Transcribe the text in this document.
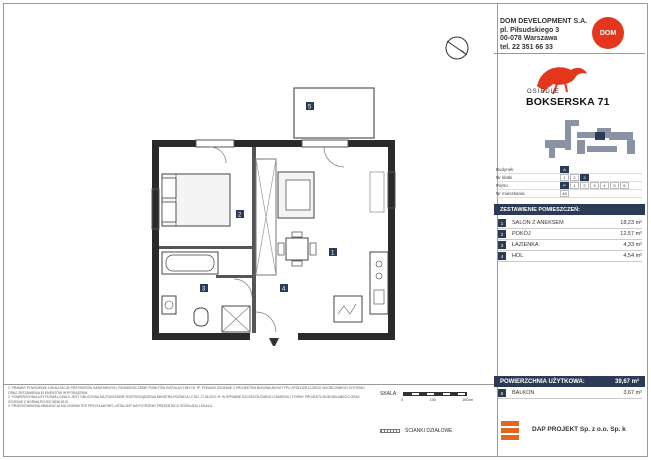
DOM DEVELOPMENT S.A.
pl. Piłsudskiego 3
00-078 Warszawa
tel. 22 351 66 33
DOM
OSIEDLE
BOKSERSKA 71
Budynek	A
Nr klatki	1	2	3
Piętro	P	1	2	3	4	5	6
Nr mieszkania	45
ZESTAWIENIE POMIESZCZEŃ:
1	SALON Z ANEKSEM	18,23 m²
2	POKÓJ	12,57 m²
3	ŁAZIENKA	4,33 m²
4	HOL	4,54 m²
POWIERZCHNIA UŻYTKOWA:	39,67 m²
5	BALKON	3,67 m²
1
2
3	4
5
1. PRAWNY POWSZEDNI LOKALIZACJĘ PRZYBORÓW SANITARNYCH, ROZMIESZCZENIE PUNKTÓW INSTALACYJNYCH TP. PODANO ZGODNIE Z PROJEKTEM BUDOWLANYM TYPU SPÓŁDZIELCZEGO WZORCOWEGO SYSTEMU ORAZ ZESTAWIENIA ELEMENTÓW WYPOSAŻENIA.
2. POWIERZCHNIA UŻYTKOWA LOKALU JEST OBLICZONA NA PODSTAWIE ROZPORZĄDZENIA MINISTRA ROZWOJU Z DN. 17.06.2021 R. W SPRAWIE SZCZEGÓŁOWEGO ZAKRESU I FORMY PROJEKTU BUDOWLANEGO ORAZ ZGODNIE Z NORMĄ PN-ISO 9836:2015.
3. PRZEDSTAWIONA ARANŻACJA MA CHARAKTER PRZYKŁADOWY, USTALONY NA POTRZEBY PREZENTACJI ROZKŁADU LOKALU.
SKALA:
0	100	200cm
ŚCIANKI DZIAŁOWE	DAP PROJEKT Sp. z o.o. Sp. k
